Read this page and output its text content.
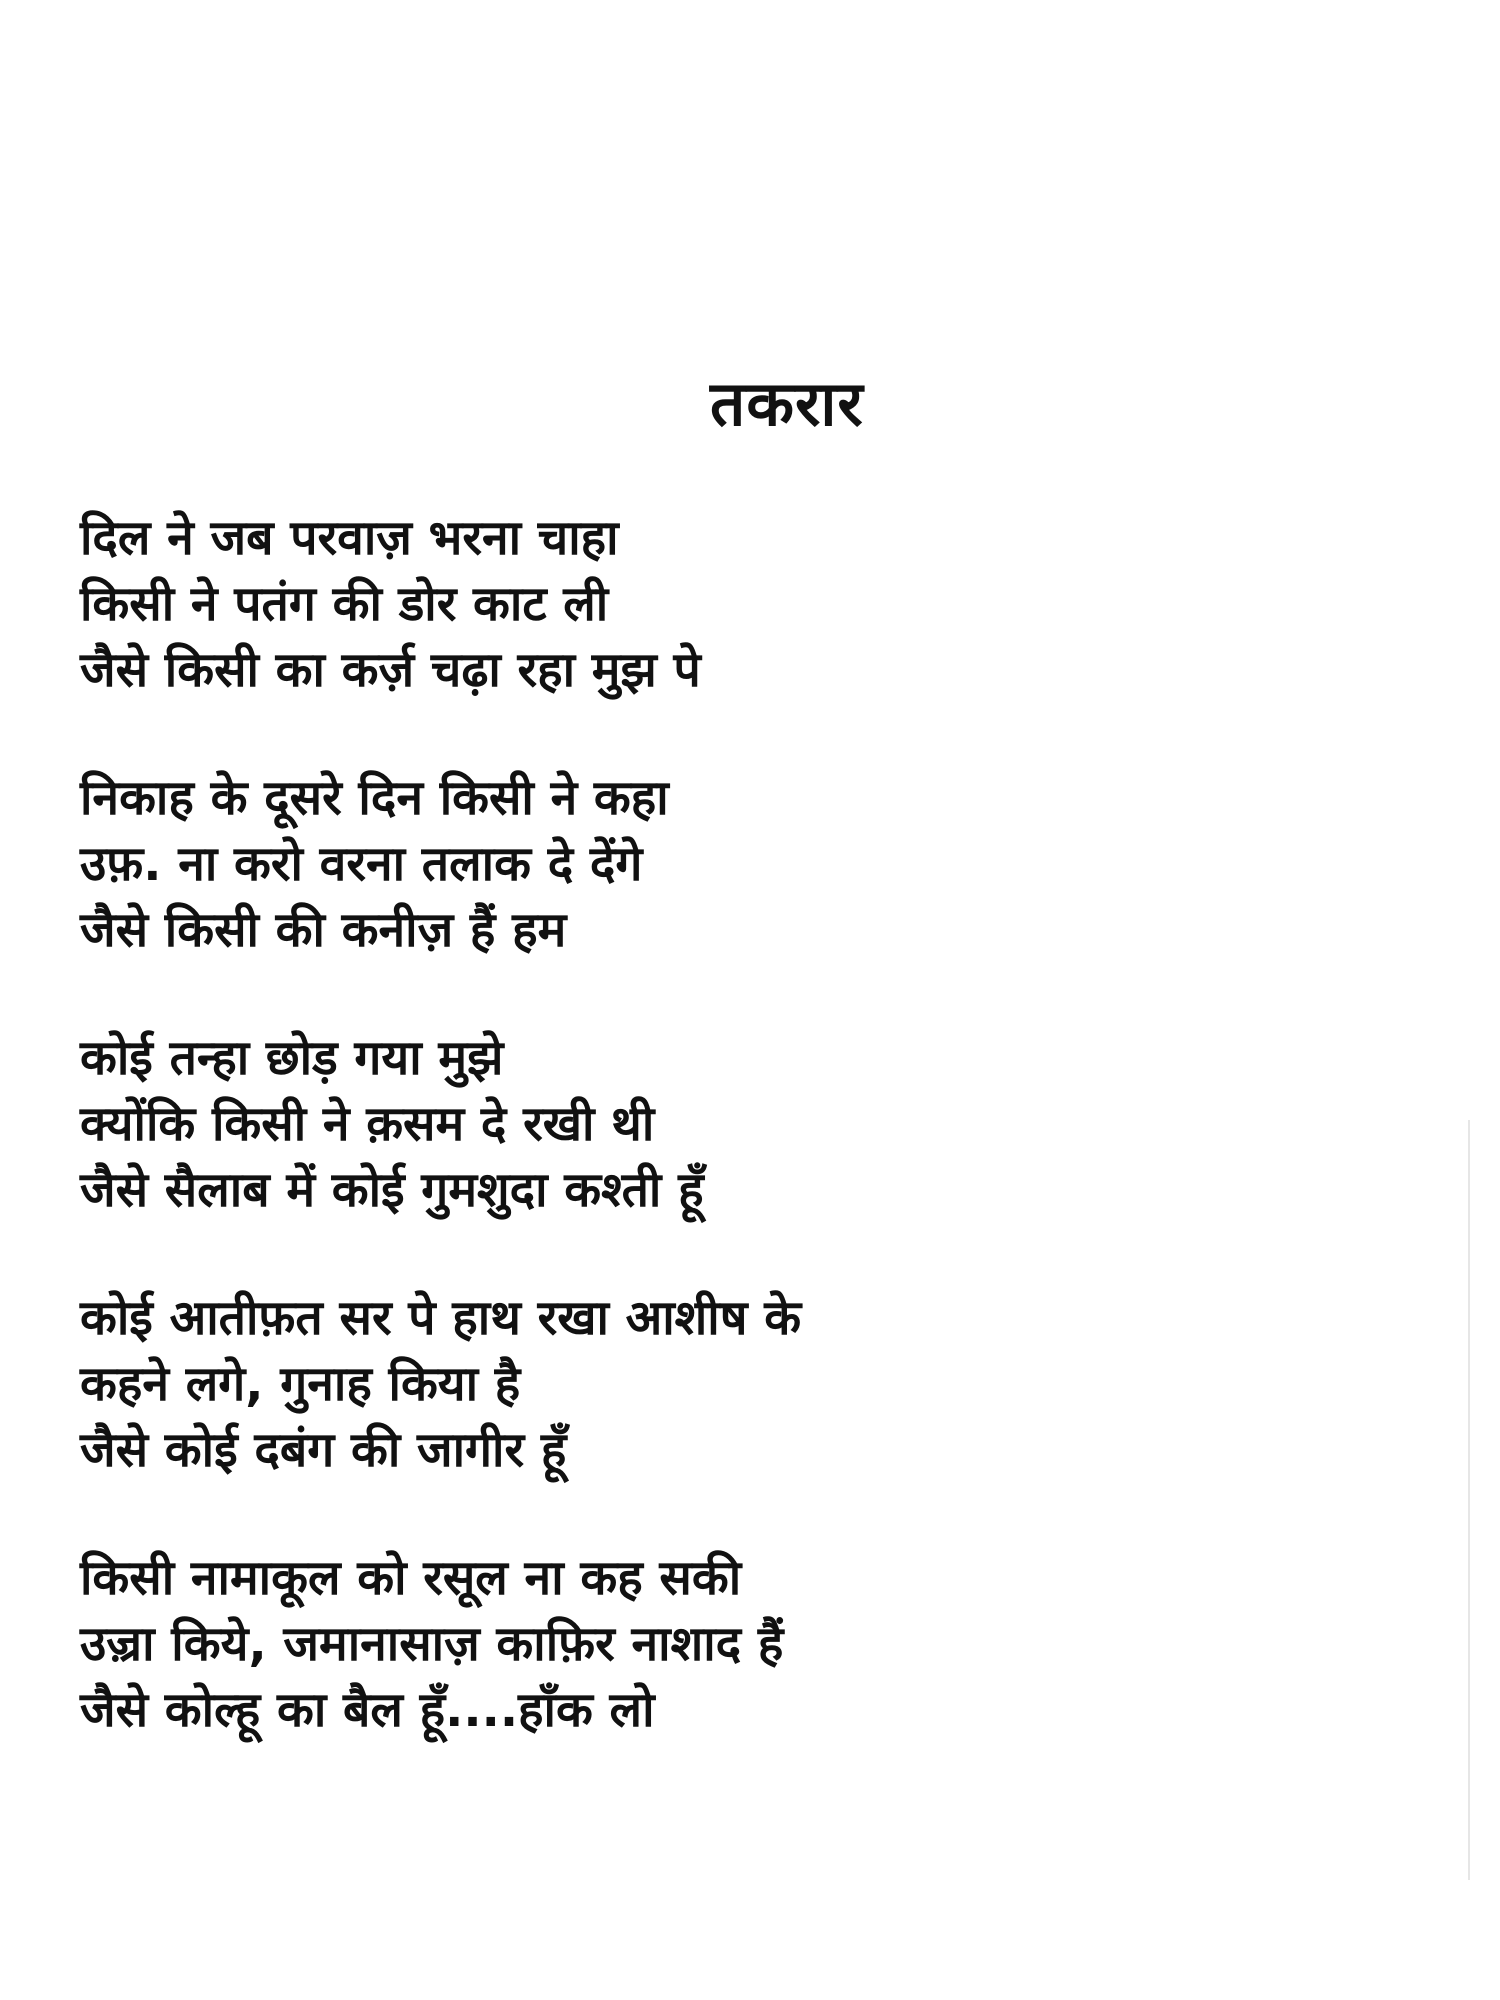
तकरार
दिल ने जब परवाज़ भरना चाहा
किसी ने पतंग की डोर काट ली
जैसे किसी का कर्ज़ चढ़ा रहा मुझ पे
निकाह के दूसरे दिन किसी ने कहा
उफ़. ना करो वरना तलाक दे देंगे
जैसे किसी की कनीज़ हैं हम
कोई तन्हा छोड़ गया मुझे
क्योंकि किसी ने क़सम दे रखी थी
जैसे सैलाब में कोई गुमशुदा कश्ती हूँ
कोई आतीफ़त सर पे हाथ रखा आशीष के
कहने लगे, गुनाह किया है
जैसे कोई दबंग की जागीर हूँ
किसी नामाकूल को रसूल ना कह सकी
उज़्रा किये, जमानासाज़ काफ़िर नाशाद हैं
जैसे कोल्हू का बैल हूँ....हाँक लो
